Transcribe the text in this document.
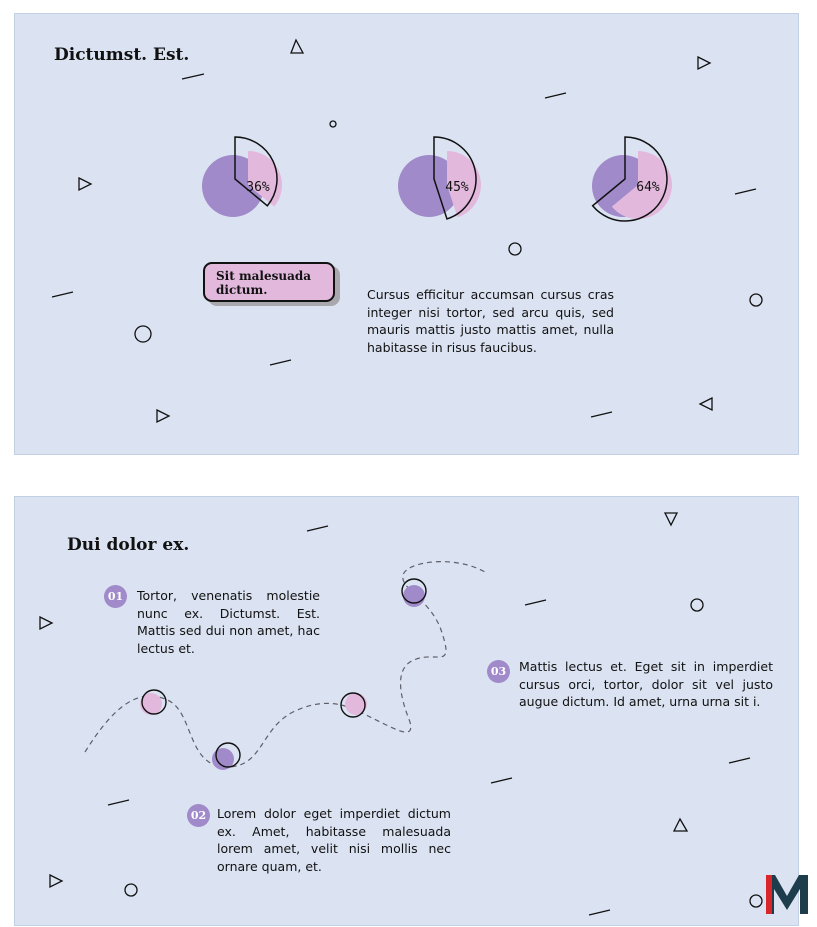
Dictumst. Est.
36%	45%	64%
Sit malesuada dictum.	Cursus efficitur accumsan cursus cras integer nisi tortor, sed arcu quis, sed mauris mattis justo mattis amet, nulla habitasse in risus faucibus.

Dui dolor ex.
01	Tortor, venenatis molestie nunc ex. Dictumst. Est. Mattis sed dui non amet, hac lectus et.

02 Lorem dolor eget imperdiet dictum ex. Amet, habitasse malesuada lorem amet, velit nisi mollis nec ornare quam, et.

03	Mattis lectus et. Eget sit in imperdiet cursus orci, tortor, dolor sit vel justo augue dictum. Id amet, urna urna sit i.
